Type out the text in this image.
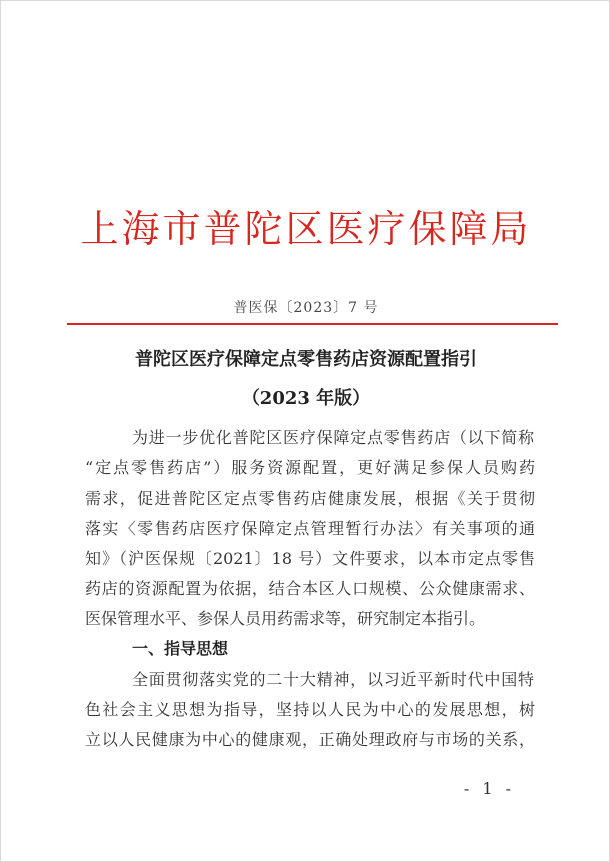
上海市普陀区医疗保障局
普医保〔2023〕7 号
普陀区医疗保障定点零售药店资源配置指引
（2023 年版）
为进一步优化普陀区医疗保障定点零售药店（以下简称
“定点零售药店”）服务资源配置，更好满足参保人员购药
需求，促进普陀区定点零售药店健康发展，根据《关于贯彻
落实〈零售药店医疗保障定点管理暂行办法〉有关事项的通
知》（沪医保规〔2021〕18 号）文件要求，以本市定点零售
药店的资源配置为依据，结合本区人口规模、公众健康需求、
医保管理水平、参保人员用药需求等，研究制定本指引。
一、指导思想
全面贯彻落实党的二十大精神，以习近平新时代中国特
色社会主义思想为指导，坚持以人民为中心的发展思想，树
立以人民健康为中心的健康观，正确处理政府与市场的关系，
- 1 -
